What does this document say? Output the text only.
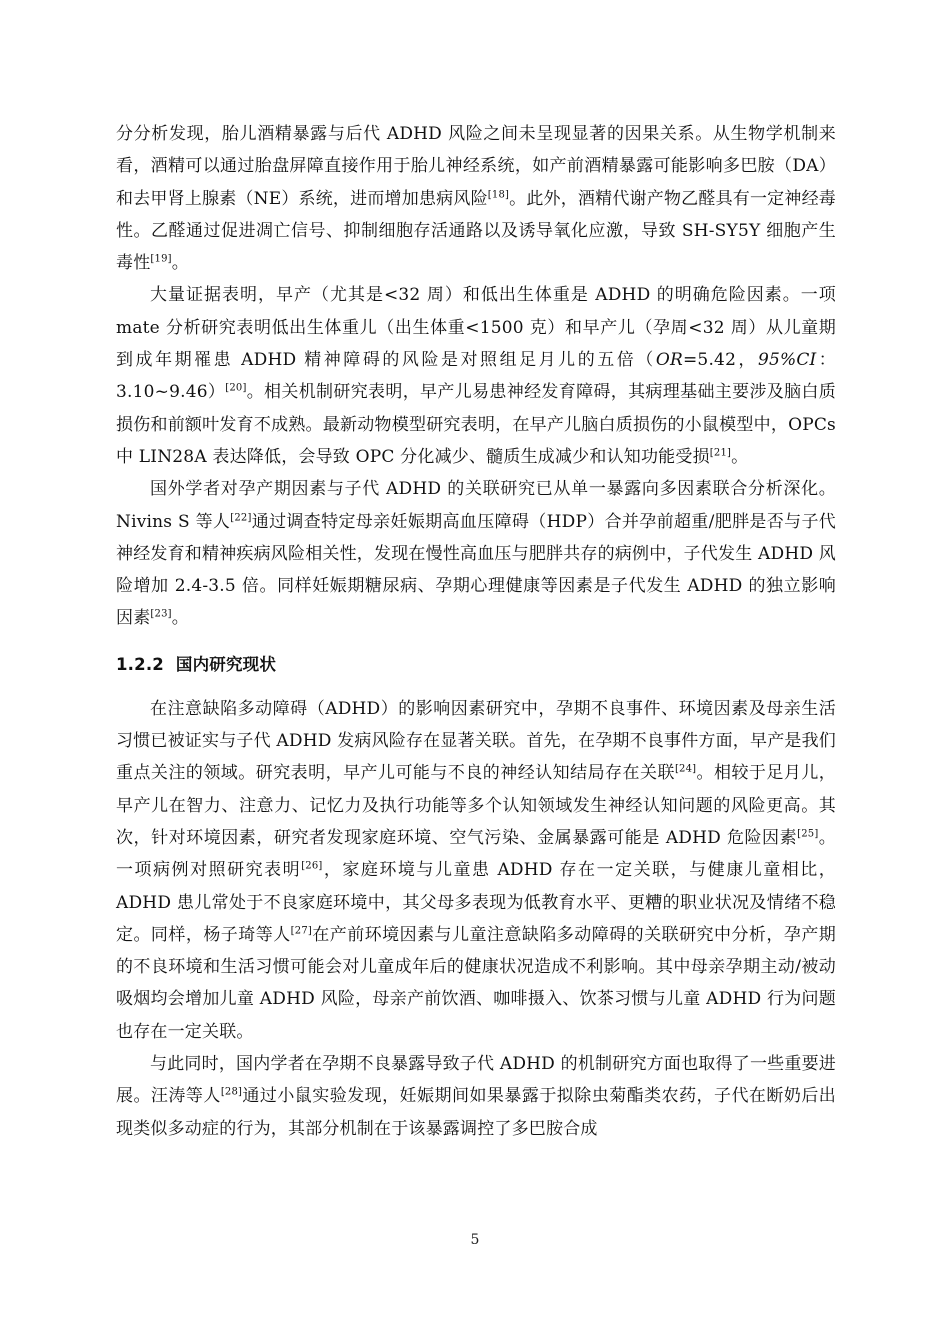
分分析发现，胎儿酒精暴露与后代 ADHD 风险之间未呈现显著的因果关系。从生物学机制来看，酒精可以通过胎盘屏障直接作用于胎儿神经系统，如产前酒精暴露可能影响多巴胺（DA）和去甲肾上腺素（NE）系统，进而增加患病风险[18]。此外，酒精代谢产物乙醛具有一定神经毒性。乙醛通过促进凋亡信号、抑制细胞存活通路以及诱导氧化应激，导致 SH-SY5Y 细胞产生毒性[19]。

大量证据表明，早产（尤其是<32 周）和低出生体重是 ADHD 的明确危险因素。一项 mate 分析研究表明低出生体重儿（出生体重<1500 克）和早产儿（孕周<32 周）从儿童期到成年期罹患 ADHD 精神障碍的风险是对照组足月儿的五倍（OR=5.42，95%CI：3.10~9.46）[20]。相关机制研究表明，早产儿易患神经发育障碍，其病理基础主要涉及脑白质损伤和前额叶发育不成熟。最新动物模型研究表明，在早产儿脑白质损伤的小鼠模型中，OPCs 中 LIN28A 表达降低，会导致 OPC 分化减少、髓质生成减少和认知功能受损[21]。

国外学者对孕产期因素与子代 ADHD 的关联研究已从单一暴露向多因素联合分析深化。Nivins S 等人[22]通过调查特定母亲妊娠期高血压障碍（HDP）合并孕前超重/肥胖是否与子代神经发育和精神疾病风险相关性，发现在慢性高血压与肥胖共存的病例中，子代发生 ADHD 风险增加 2.4-3.5 倍。同样妊娠期糖尿病、孕期心理健康等因素是子代发生 ADHD 的独立影响因素[23]。

1.2.2 国内研究现状

在注意缺陷多动障碍（ADHD）的影响因素研究中，孕期不良事件、环境因素及母亲生活习惯已被证实与子代 ADHD 发病风险存在显著关联。首先，在孕期不良事件方面，早产是我们重点关注的领域。研究表明，早产儿可能与不良的神经认知结局存在关联[24]。相较于足月儿，早产儿在智力、注意力、记忆力及执行功能等多个认知领域发生神经认知问题的风险更高。其次，针对环境因素，研究者发现家庭环境、空气污染、金属暴露可能是 ADHD 危险因素[25]。一项病例对照研究表明[26]，家庭环境与儿童患 ADHD 存在一定关联，与健康儿童相比，ADHD 患儿常处于不良家庭环境中，其父母多表现为低教育水平、更糟的职业状况及情绪不稳定。同样，杨子琦等人[27]在产前环境因素与儿童注意缺陷多动障碍的关联研究中分析，孕产期的不良环境和生活习惯可能会对儿童成年后的健康状况造成不利影响。其中母亲孕期主动/被动吸烟均会增加儿童 ADHD 风险，母亲产前饮酒、咖啡摄入、饮茶习惯与儿童 ADHD 行为问题也存在一定关联。

与此同时，国内学者在孕期不良暴露导致子代 ADHD 的机制研究方面也取得了一些重要进展。汪涛等人[28]通过小鼠实验发现，妊娠期间如果暴露于拟除虫菊酯类农药，子代在断奶后出现类似多动症的行为，其部分机制在于该暴露调控了多巴胺合成

5
